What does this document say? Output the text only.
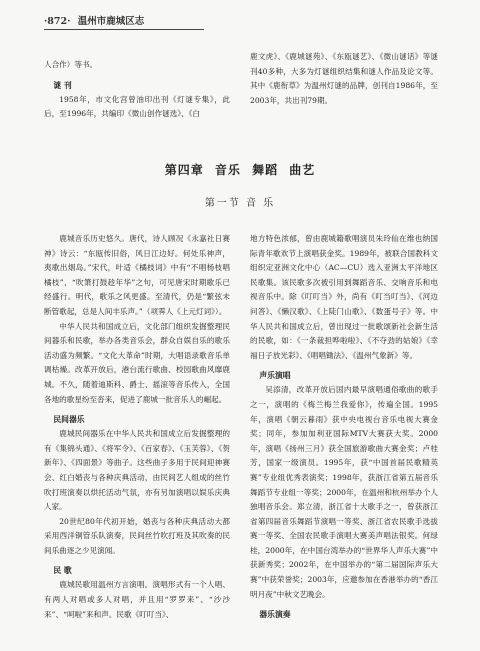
·872· 温州市鹿城区志

人合作）等书。

谜 刊

1958年，市文化宫曾油印出刊《灯谜专集》，此后，至1996年，共编印《微山创作谜选》、《白

鹿文虎》、《鹿城谜苑》、《东瓯谜艺》、《微山谜话》等谜刊40多种，大多为灯谜组织结集和谜人作品及论文等。其中《鹿衔草》为温州灯谜的品牌，创刊自1986年，至2003年，共出刊79期。

第四章 音乐 舞蹈 曲艺
第一节 音 乐

鹿城音乐历史悠久。唐代，诗人顾况《永嘉社日赛神》诗云：“东瓯传旧俗，风日江边好。何处乐神声，夷歌出烟岛。”宋代，叶适《橘枝词》中有“不唱杨枝唱橘枝”、“吹箫打鼓趁年华”之句，可见唐宋时期歌乐已经盛行。明代，歌乐之风更盛。至清代，仍是“繁弦未断管歌起，总是人间丰乐声。”（项霁人《上元灯词》）。

中华人民共和国成立后，文化部门组织发掘整理民间器乐和民歌，举办各类音乐会，群众自娱自乐的歌乐活动盛为频繁。“文化大革命”时期，大唱语录歌音乐单调枯燥。改革开放后，港台流行歌曲、校园歌曲风靡鹿城。不久，随着迪斯科、爵士、摇滚等音乐传入，全国各地的歌星纷至沓来，促进了鹿城一批音乐人的崛起。

民间器乐

鹿城民间器乐在中华人民共和国成立后发掘整理的有《集锦头通》、《将军令》、《百家春》、《玉芙蓉》、《贺新年》、《四面景》等曲子。这些曲子多用于民间迎神赛会、红白婚丧与各种庆典活动，由民间艺人组成的丝竹吹打班演奏以烘托活动气氛，亦有另加演唱以娱乐庆典人家。

20世纪80年代初开始，婚丧与各种庆典活动大都采用西洋铜管乐队演奏，民间丝竹吹打班及其吹奏的民间乐曲逐之少见演闻。

民 歌

鹿城民歌用温州方言演唱。演唱形式有一个人唱、有两人对唱或多人对唱，并且用“罗罗来”、“沙沙来”、“呵啦”来和声。民歌《叮叮当》、

地方特色浓郁，曾由鹿城籍歌唱演员朱玲仙在维也纳国际青年歌欢节上演唱获金奖。1989年，被联合国教科文组织定亚洲文化中心（AC—CU）选入亚洲太平洋地区民歌集。该民歌多次被引用到舞蹈音乐、交响音乐和电视音乐中。除《叮叮当》外，尚有《叮当叮当》、《河边问答》、《懒汉歌》、《上陡门山歌》、《数蛋号子》等。中华人民共和国成立后，曾出现过一批歌颂新社会新生活的民歌，如：《一条裁担哗啦啦》、《不夺劲的姑娘》《幸福日子放光彩》、《唱唱锄法》、《温州气象新》等。

声乐演唱

吴添清，改革开放后国内最早演唱通俗歌曲的歌手之一，演唱的《梅兰梅兰我爱你》，传遍全国。1995年，演唱《朝云暮雨》获中央电视台音乐电视大赛金奖；同年，参加加利亚国际MTV大赛获大奖。2000年，演唱《扬州三月》获全国旅游歌曲大赛金奖；卢桂芳，国家一级演员。1995年，获“中国首届民歌精英赛”专业组优秀表演奖；1998年，获浙江省第五届音乐舞蹈节专业组一等奖；2000年，在温州和杭州举办个人独唱音乐会。郑立清，浙江省十大歌手之一，曾获浙江省第四届音乐舞蹈节演唱一等奖、浙江省农民歌手选拔赛一等奖、全国农民歌手演唱大赛美声唱法银奖。何绿桂，2000年，在中国台湾举办的“世界华人声乐大赛”中获新秀奖；2002年，在中国举办的“第二届国际声乐大赛”中获荣誉奖；2003年，应邀参加在香港举办的“香江明月夜”中秋文艺晚会。

器乐演奏
